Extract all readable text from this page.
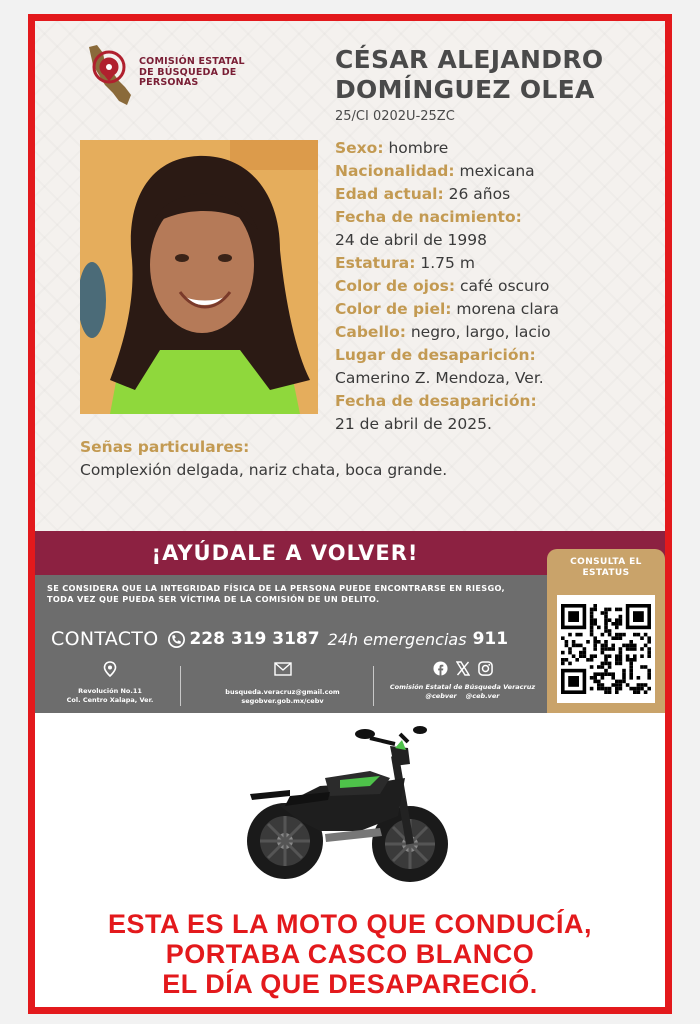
COMISIÓN ESTATAL
DE BÚSQUEDA DE
PERSONAS
CÉSAR ALEJANDRO
DOMÍNGUEZ OLEA
25/CI 0202U-25ZC
Sexo: hombre
Nacionalidad: mexicana
Edad actual: 26 años
Fecha de nacimiento:
24 de abril de 1998
Estatura: 1.75 m
Color de ojos: café oscuro
Color de piel: morena clara
Cabello: negro, largo, lacio
Lugar de desaparición:
Camerino Z. Mendoza, Ver.
Fecha de desaparición:
21 de abril de 2025.
Señas particulares:
Complexión delgada, nariz chata, boca grande.
¡AYÚDALE A VOLVER!
SE CONSIDERA QUE LA INTEGRIDAD FÍSICA DE LA PERSONA PUEDE ENCONTRARSE EN RIESGO,
TODA VEZ QUE PUEDA SER VÍCTIMA DE LA COMISIÓN DE UN DELITO.
CONTACTO 228 319 3187 24h emergencias 911
Revolución No.11
Col. Centro Xalapa, Ver.
busqueda.veracruz@gmail.com
segobver.gob.mx/cebv
Comisión Estatal de Búsqueda Veracruz
@cebver @ceb.ver
CONSULTA EL
ESTATUS
ESTA ES LA MOTO QUE CONDUCÍA,
PORTABA CASCO BLANCO
EL DÍA QUE DESAPARECIÓ.
